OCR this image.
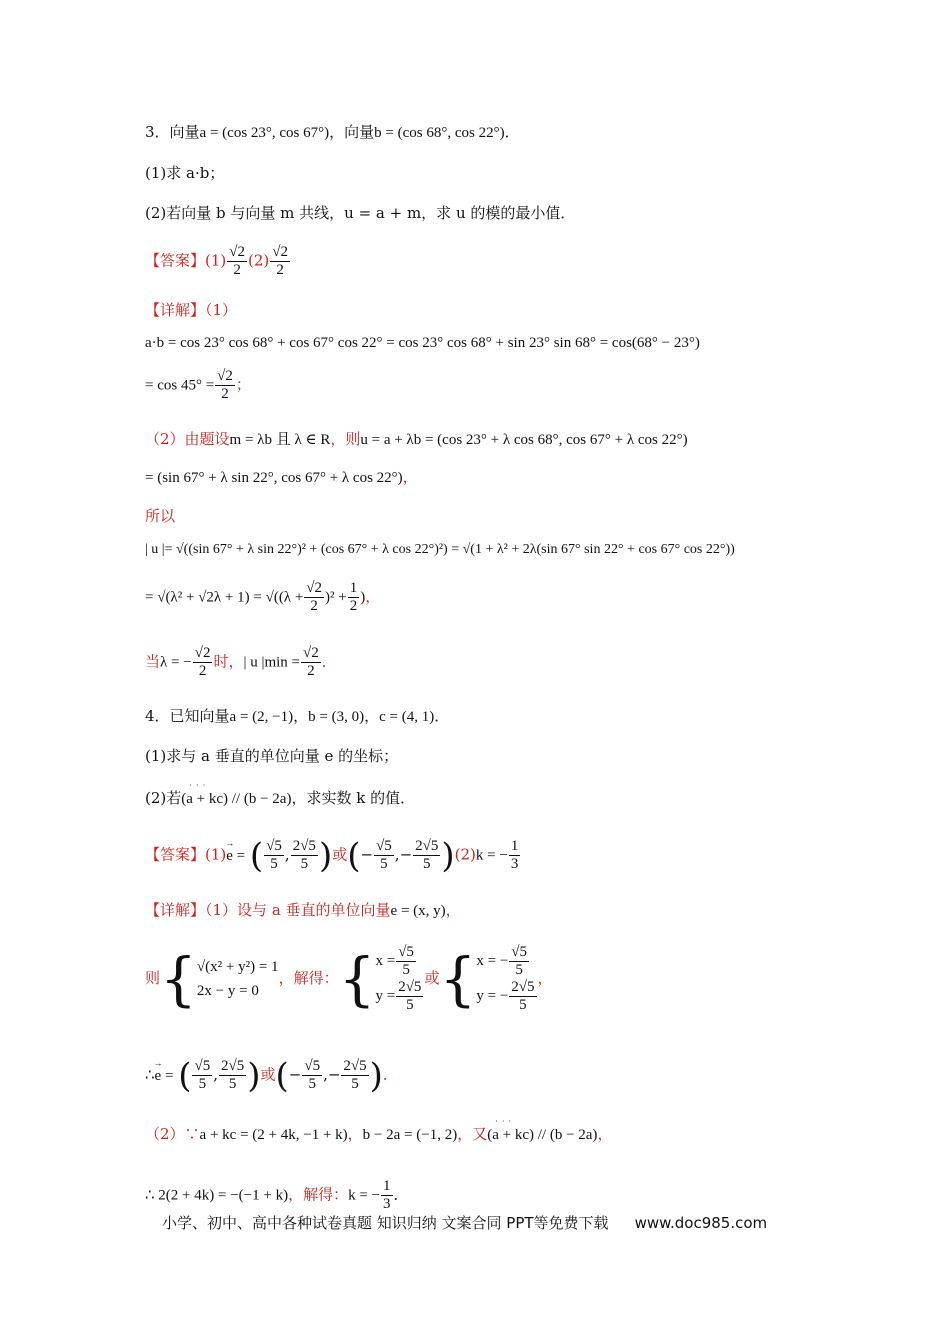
3．向量a = (cos 23°, cos 67°)，向量b = (cos 68°, cos 22°)．
(1)求 a·b；
(2)若向量 b 与向量 m 共线，u = a + m，求 u 的模的最小值．
【答案】$(1) \frac{√2}{2} (2) \frac{√2}{2}$
【详解】（1）
a·b = cos 23° cos 68° + cos 67° cos 22° = cos 23° cos 68° + sin 23° sin 68° = cos(68° − 23°)
= $\cos 45^\circ = \frac{√2}{2}$ ；
（2）由题设m = λb 且 λ ∈ R，则u = a + λb = (cos 23° + λ cos 68°, cos 67° + λ cos 22°)
= (sin 67° + λ sin 22°, cos 67° + λ cos 22°)，
所以
| u |= √((sin 67° + λ sin 22°)² + (cos 67° + λ cos 22°)²) = √(1 + λ² + 2λ(sin 67° sin 22° + cos 67° cos 22°))
= $√(\lambda^2 + √2\lambda + 1) = √((\lambda + \frac{√2}{2} )^2 + \frac{1}{2}$ )，
当λ = − $\frac{√2}{2}$ 时，| u $|\min = \frac{√2}{2}$ ．
4．已知向量a = (2, −1)，b = (3, 0)，c = (4, 1)．
(1)求与 a 垂直的单位向量 e 的坐标；
(2)若· · · (a + kc) // (b − 2a)，求实数 k 的值．
【答案】(1)→ e = ( $\frac{√5}{5}$ , $\frac{2√5}{5}$ )或(− $\frac{√5}{5}$ ,− $\frac{2√5}{5} )(2)k$ = − $\frac{1}{3}$
【详解】（1）设与 a 垂直的单位向量e = (x, y)，
则{ √(x² + y²) = 1
2x − y = 0
，解得：{ $x = \frac{√5}{5}$
$y = \frac{2√5}{5}$
或{ x = − $\frac{√5}{5}$
y = − $\frac{2√5}{5}$
，
∴→ e = ( $\frac{√5}{5}$ , $\frac{2√5}{5}$ )或(− $\frac{√5}{5}$ ,− $\frac{2√5}{5}$ )．
（2）∵a + kc = (2 + 4k, −1 + k)，b − 2a = (−1, 2)，又· · · (a + kc) // (b − 2a)，
∴ 2(2 + 4k) = −(−1 + k)，解得：k = − $\frac{1}{3}$ ．
小学、初中、高中各种试卷真题 知识归纳 文案合同 PPT等免费下载 www.doc985.com
